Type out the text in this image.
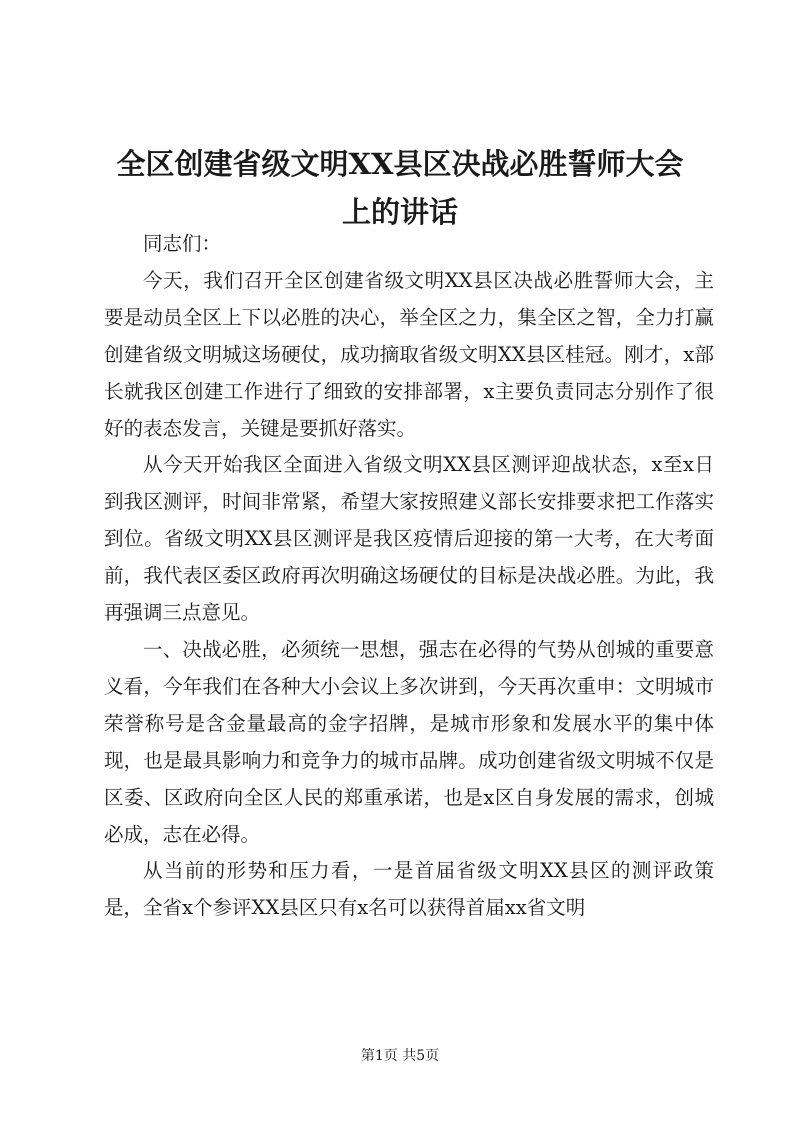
全区创建省级文明XX县区决战必胜誓师大会
上的讲话

同志们：

今天，我们召开全区创建省级文明XX县区决战必胜誓师大会，主要是动员全区上下以必胜的决心，举全区之力，集全区之智，全力打赢创建省级文明城这场硬仗，成功摘取省级文明XX县区桂冠。刚才，x部长就我区创建工作进行了细致的安排部署，x主要负责同志分别作了很好的表态发言，关键是要抓好落实。

从今天开始我区全面进入省级文明XX县区测评迎战状态，x至x日到我区测评，时间非常紧，希望大家按照建义部长安排要求把工作落实到位。省级文明XX县区测评是我区疫情后迎接的第一大考，在大考面前，我代表区委区政府再次明确这场硬仗的目标是决战必胜。为此，我再强调三点意见。

一、决战必胜，必须统一思想，强志在必得的气势从创城的重要意义看，今年我们在各种大小会议上多次讲到，今天再次重申：文明城市荣誉称号是含金量最高的金字招牌，是城市形象和发展水平的集中体现，也是最具影响力和竞争力的城市品牌。成功创建省级文明城不仅是区委、区政府向全区人民的郑重承诺，也是x区自身发展的需求，创城必成，志在必得。

从当前的形势和压力看，一是首届省级文明XX县区的测评政策是，全省x个参评XX县区只有x名可以获得首届xx省文明

第1页 共5页
